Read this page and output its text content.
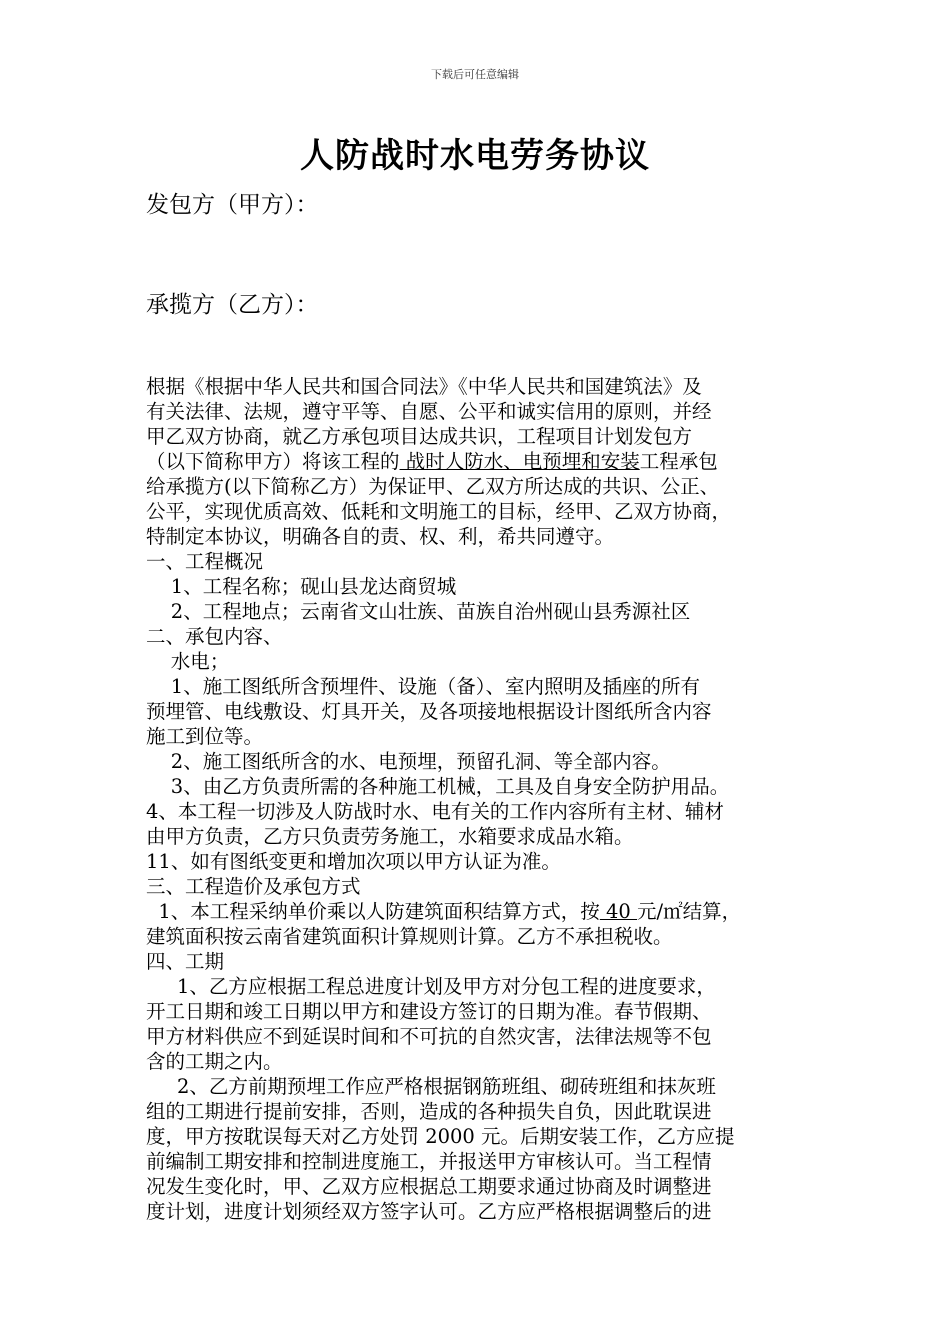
下载后可任意编辑
人防战时水电劳务协议
发包方（甲方）：
承揽方（乙方）：

根据《根据中华人民共和国合同法》《中华人民共和国建筑法》及

有关法律、法规，遵守平等、自愿、公平和诚实信用的原则，并经

甲乙双方协商，就乙方承包项目达成共识，工程项目计划发包方

（以下简称甲方）将该工程的 战时人防水、电预埋和安装工程承包

给承揽方(以下简称乙方）为保证甲、乙双方所达成的共识、公正、

公平，实现优质高效、低耗和文明施工的目标，经甲、乙双方协商，

特制定本协议，明确各自的责、权、利，希共同遵守。

一、工程概况

1、工程名称；砚山县龙达商贸城

2、工程地点；云南省文山壮族、苗族自治州砚山县秀源社区

二、承包内容、

水电；

1、施工图纸所含预埋件、设施（备）、室内照明及插座的所有

预埋管、电线敷设、灯具开关，及各项接地根据设计图纸所含内容

施工到位等。

2、施工图纸所含的水、电预埋，预留孔洞、等全部内容。

3、由乙方负责所需的各种施工机械，工具及自身安全防护用品。

4、本工程一切涉及人防战时水、电有关的工作内容所有主材、辅材

由甲方负责，乙方只负责劳务施工，水箱要求成品水箱。

11、如有图纸变更和增加次项以甲方认证为准。

三、工程造价及承包方式

1、本工程采纳单价乘以人防建筑面积结算方式，按 40 元/㎡结算，

建筑面积按云南省建筑面积计算规则计算。乙方不承担税收。

四、工期

1、乙方应根据工程总进度计划及甲方对分包工程的进度要求，

开工日期和竣工日期以甲方和建设方签订的日期为准。春节假期、

甲方材料供应不到延误时间和不可抗的自然灾害，法律法规等不包

含的工期之内。

2、乙方前期预埋工作应严格根据钢筋班组、砌砖班组和抹灰班

组的工期进行提前安排，否则，造成的各种损失自负，因此耽误进

度，甲方按耽误每天对乙方处罚 2000 元。后期安装工作，乙方应提

前编制工期安排和控制进度施工，并报送甲方审核认可。当工程情

况发生变化时，甲、乙双方应根据总工期要求通过协商及时调整进

度计划，进度计划须经双方签字认可。乙方应严格根据调整后的进
